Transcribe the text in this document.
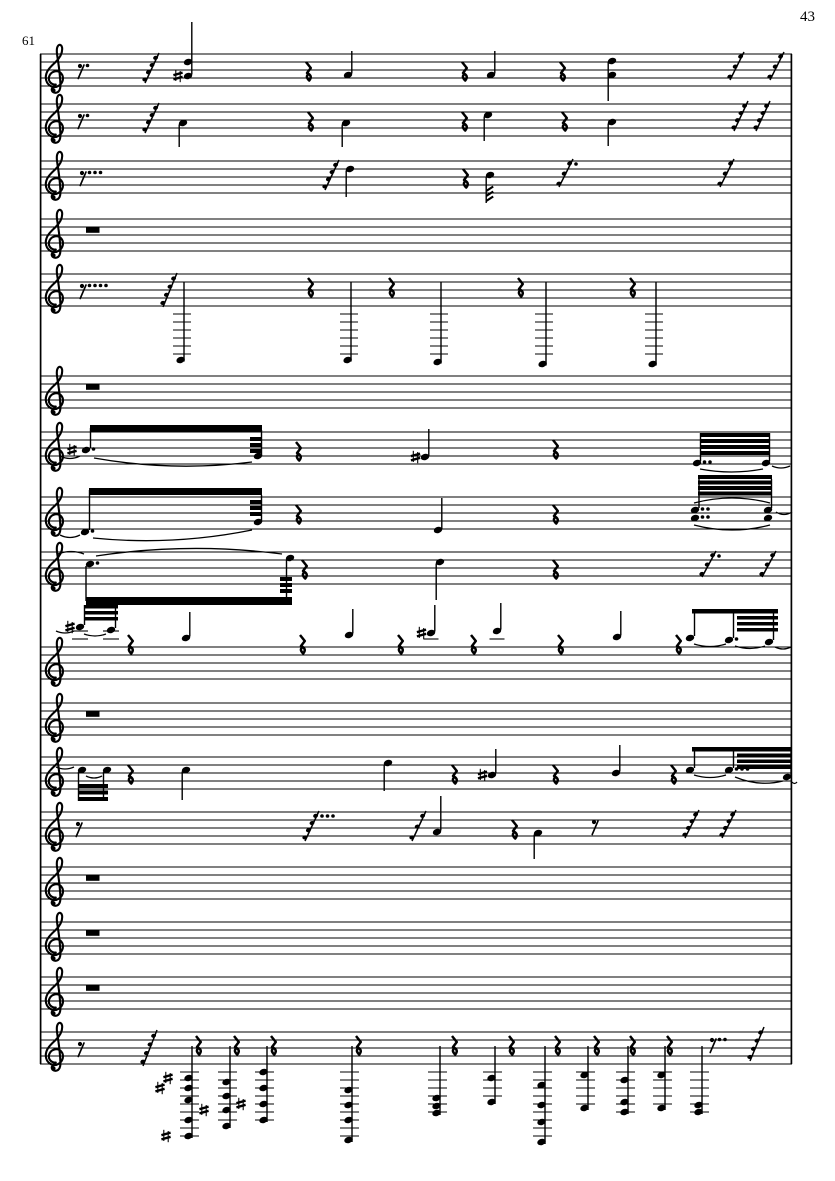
61
43
